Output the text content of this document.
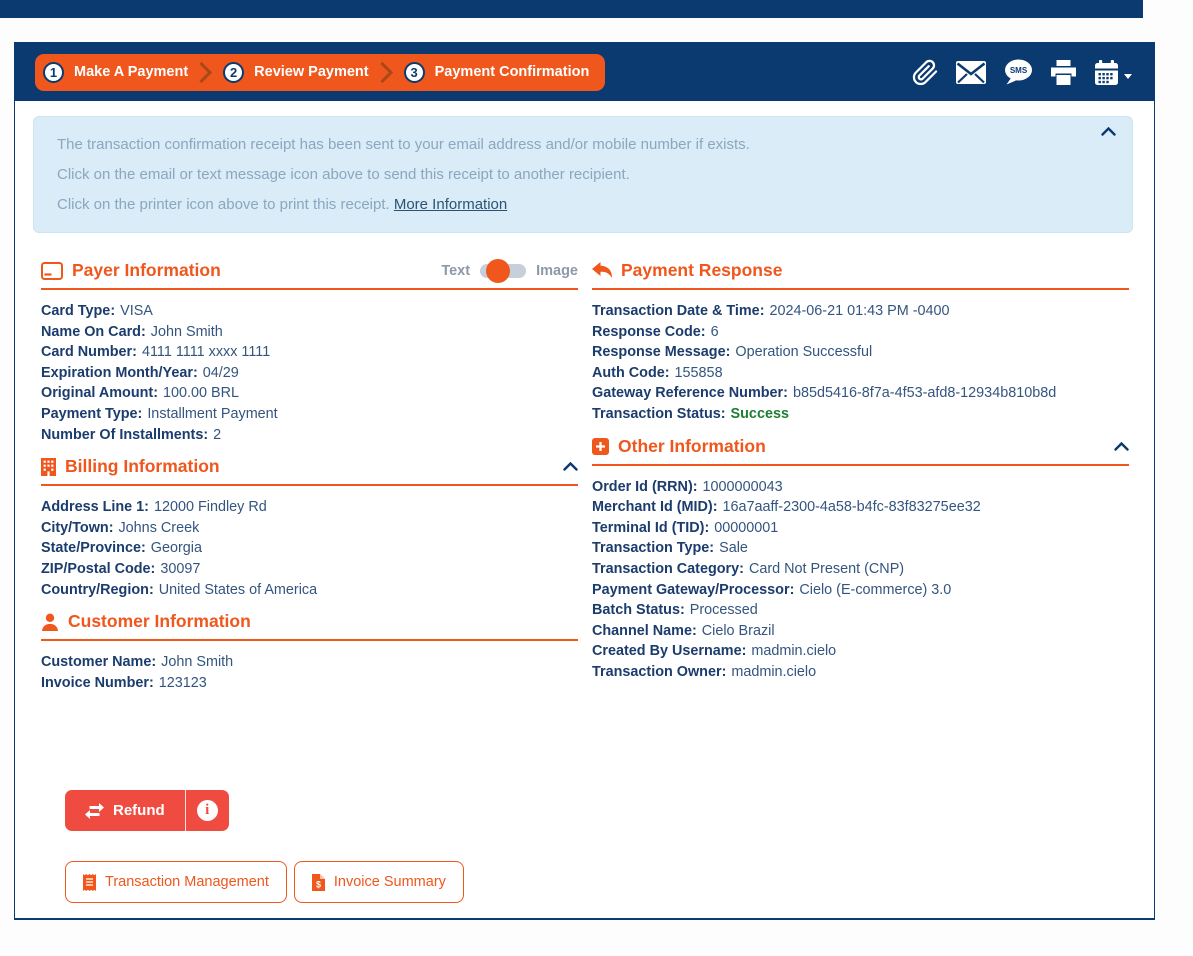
1	Make A Payment	2	Review Payment	3	Payment Confirmation	SMS

The transaction confirmation receipt has been sent to your email address and/or mobile number if exists.

Click on the email or text message icon above to send this receipt to another recipient.

Click on the printer icon above to print this receipt. More Information

Payer Information	Text	Image
Card Type : VISA
Name On Card : John Smith
Card Number : 4111 1111 xxxx 1111
Expiration Month/Year : 04/29
Original Amount : 100.00 BRL
Payment Type : Installment Payment
Number Of Installments : 2
Billing Information
Address Line 1 : 12000 Findley Rd
City/Town : Johns Creek
State/Province : Georgia
ZIP/Postal Code : 30097
Country/Region : United States of America
Customer Information
Customer Name : John Smith
Invoice Number : 123123
Refund	i
Transaction Management	$ Invoice Summary
Payment Response
Transaction Date & Time : 2024-06-21 01:43 PM -0400
Response Code : 6
Response Message : Operation Successful
Auth Code : 155858
Gateway Reference Number : b85d5416-8f7a-4f53-afd8-12934b810b8d
Transaction Status : Success
Other Information
Order Id (RRN) : 1000000043
Merchant Id (MID) : 16a7aaff-2300-4a58-b4fc-83f83275ee32
Terminal Id (TID) : 00000001
Transaction Type : Sale
Transaction Category : Card Not Present (CNP)
Payment Gateway/Processor : Cielo (E-commerce) 3.0
Batch Status : Processed
Channel Name : Cielo Brazil
Created By Username : madmin.cielo
Transaction Owner : madmin.cielo
